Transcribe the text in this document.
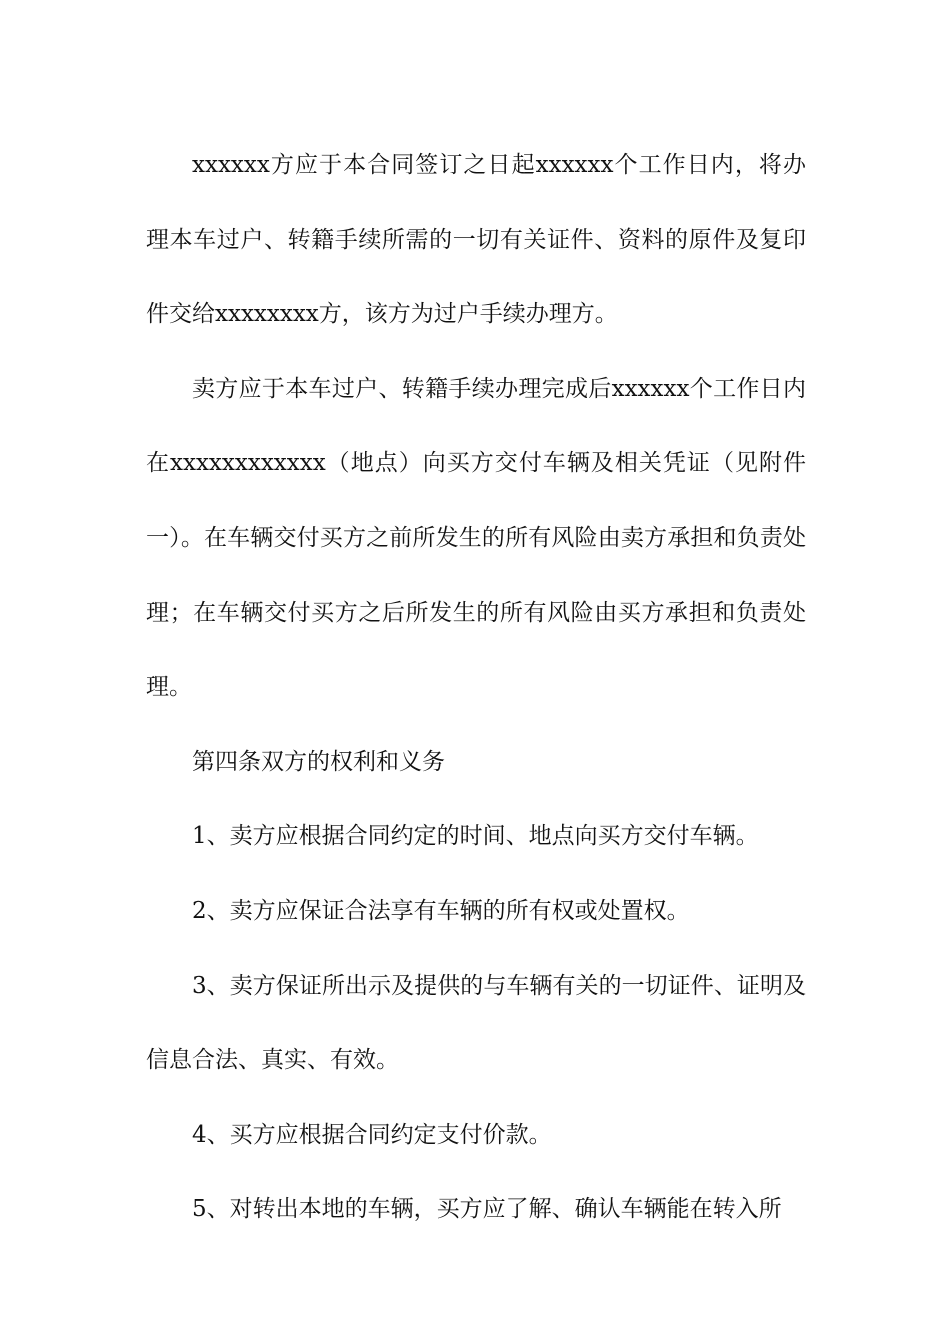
xxxxxx方应于本合同签订之日起xxxxxx个工作日内，将办理本车过户、转籍手续所需的一切有关证件、资料的原件及复印件交给xxxxxxxx方，该方为过户手续办理方。

卖方应于本车过户、转籍手续办理完成后xxxxxx个工作日内在xxxxxxxxxxxx（地点）向买方交付车辆及相关凭证（见附件一）。在车辆交付买方之前所发生的所有风险由卖方承担和负责处理；在车辆交付买方之后所发生的所有风险由买方承担和负责处理。

第四条双方的权利和义务

1、卖方应根据合同约定的时间、地点向买方交付车辆。

2、卖方应保证合法享有车辆的所有权或处置权。

3、卖方保证所出示及提供的与车辆有关的一切证件、证明及信息合法、真实、有效。

4、买方应根据合同约定支付价款。

5、对转出本地的车辆，买方应了解、确认车辆能在转入所
